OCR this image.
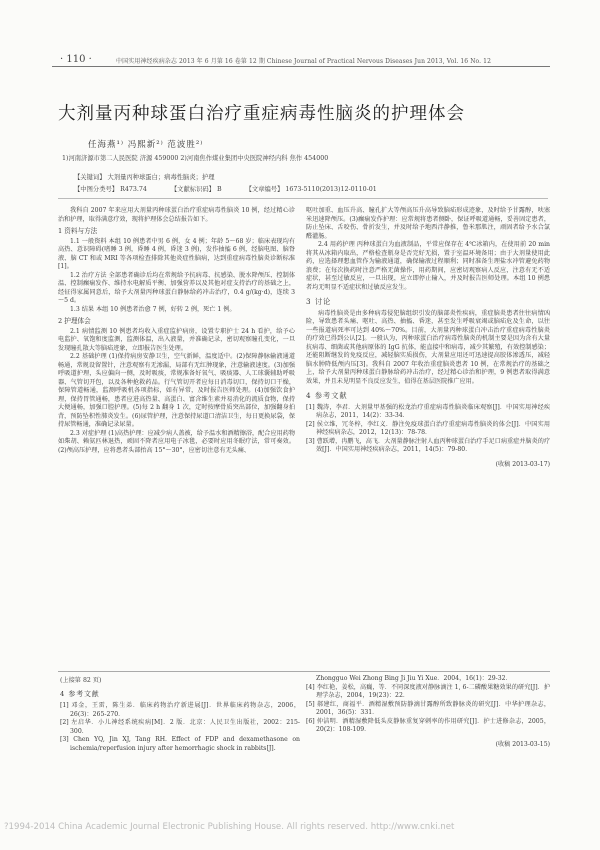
· 110 ·	中国实用神经疾病杂志 2013 年 6 月第 16 卷第 12 期 Chinese Journal of Practical Nervous Diseases Jun 2013, Vol. 16 No. 12
大剂量丙种球蛋白治疗重症病毒性脑炎的护理体会
任海燕¹⁾ 冯熙新²⁾ 范波胜²⁾
1)河南济源市第二人民医院 济源 459000 2)河南焦作煤业集团中央医院神经内科 焦作 454000
【关键词】 大剂量丙种球蛋白；病毒性脑炎；护理
【中图分类号】 R473.74	【文献标识码】 B	【文章编号】 1673-5110(2013)12-0110-01

我科自 2007 年来应用大剂量丙种球蛋白治疗重症病毒性脑炎 10 例，经过精心诊治和护理，取得满意疗效，现将护理体会总结报告如下。

1 资料与方法

1.1 一般资料 本组 10 例患者中男 6 例，女 4 例；年龄 5～68 岁；临床表现均有高热、意识障碍(嗜睡 3 例，昏睡 4 例，昏迷 3 例)，发作抽搐 6 例，经脑电图、脑脊液、脑 CT 和或 MRI 等各项检查排除其他炎症性脑病，达到重症病毒性脑炎诊断标准[1]。

1.2 治疗方法 全部患者确诊后均在常规给予抗病毒、抗感染、脱水降颅压、控制体温、控制癫痫发作、维持水电解质平衡、加强营养以及其他对症支持治疗的基础之上，经征得家属同意后，给予大剂量丙种球蛋白静脉给药冲击治疗，0.4 g/(kg·d)，连续 3～5 d。

1.3 结果 本组 10 例患者治愈 7 例，好转 2 例，死亡 1 例。

2 护理体会

2.1 病情监测 10 例患者均收入重症监护病房，设置专职护士 24 h 看护，给予心电监护、氧饱和度监测，监测体温，出入液量，并准确记录，密切观察瞳孔变化，一旦发现瞳孔散大等脑疝迹象，立即报告医生处理。

2.2 基础护理 (1)保持病房安静卫生，空气新鲜，温度适中。(2)保障静脉输液通道畅通，常规设留置针，注意观察有无渗漏，局部有无红肿现象，注意输液速度。(3)加强呼吸道护理，头应偏向一侧，及时吸痰，常规准备好氧气、吸痰器、人工球囊辅助呼吸器、气管切开包，以及各种抢救药品。行气管切开者应每日消毒切口，保持切口干燥，保障管道畅通，监测呼吸机各项指标，如有异常，及时报告医师处理。(4)加强饮食护理，保持胃管通畅，患者应进高热量、高蛋白、富含维生素并易消化的流质食物，保持大便通畅，加强口腔护理。(5)每 2 h 翻身 1 次，定时按摩骨质突出部位，加强翻身拍背，预防坠积性肺炎发生。(6)尿管护理，注意保持尿道口清洁卫生，每日更换尿袋，保持尿管畅通，准确记录尿量。

2.3 对症护理 (1)高热护理：应减少病人盖被，给予温水和酒精擦浴，配合应用药物如柴胡、赖氨匹林退热，顽固不降者应用电子冰毯，必要时应用冬眠疗法，常可奏效。(2)颅高压护理，应将患者头部抬高 15°～30°，应密切注意有无头痛、

呕吐加重、血压升高、瞳孔扩大等颅高压升高导致脑疝形成迹象，及时给予甘露醇，呋塞米迅速降颅压。(3)癫痫发作护理：应常规将患者侧卧，保证呼吸道通畅，妥善固定患者，防止坠床、舌咬伤、骨折发生，并及时给予地西泮静推，鲁米那肌注，顽固者给予水合氯醛灌肠。

2.4 用药护理 丙种球蛋白为血液制品，平常应保存在 4℃冰箱内，在使用前 20 min 将其从冰箱内取出，严格检查瓶身是否完好无损，置于室温环境备用；由于大剂量使用此药，应选择理想血管作为输液通道，确保输液过程顺利；同时准备生理盐水冲管避免药物浪费；在每次换药时注意严格无菌操作，用药期间，应密切观察病人反应，注意有无不适症状，甚至过敏反应，一旦出现，应立即停止输入，并及时报告医师处理。本组 10 例患者均无明显不适症状和过敏反应发生。

3 讨论

病毒性脑炎是由多种病毒侵犯脑组织引发的脑部炎性疾病，重症脑炎患者往往病情凶险，导致患者头痛、呕吐、高热、抽搐、昏迷，甚至发生呼吸衰竭或脑疝危及生命，以往一些报道病死率可达到 40%～70%。目前，大剂量丙种球蛋白冲击治疗重症病毒性脑炎的疗效已得到公认[2]。一般认为，丙种球蛋白治疗病毒性脑炎的机制主要是因为含有大量抗病毒、细菌或其他病原体的 IgG 抗体，能直接中和病毒，减少其繁殖，有效控制感染；还能阻断继发的免疫反应，减轻脑实质损伤，大剂量应用还可迅速提高胶体渗透压，减轻脑水肿降低颅内压[3]。我科自 2007 年收治重症脑炎患者 10 例，在常规治疗的基础之上，给予大剂量丙种球蛋白静脉给药冲击治疗，经过精心诊治和护理，9 例患者取得满意效果，并且未见明显不良反应发生，值得在基层医院推广应用。

4 参考文献

[1] 魏涛，李君．大剂量甲基强的松龙治疗重症病毒性脑炎临床观察[J]．中国实用神经疾病杂志，2011，14(2)：33-34．

[2] 侯立维，冗冬梓，李红义．静注免疫球蛋白治疗重症病毒性脑炎的体会[J]．中国实用神经疾病杂志，2012，12(13)：78-78．

[3] 曹跃增，冉鹏飞，高飞．大剂量静脉注射人血丙种球蛋白治疗手足口病重症并脑炎的疗效[J]．中国实用神经疾病杂志，2011，14(5)：79-80．

(收稿 2013-03-17)

(上接第 82 页)
4 参考文献

[1] 邓金，王雷，陈生弟．临床药物治疗新进展[J]．世界临床药物杂志，2006，26(3)：265-270．

[2] 左启华．小儿神经系统疾病[M]．2 版．北京：人民卫生出版社，2002：215-300．

[3] Chen YQ, Jin XJ, Tang RH. Effect of FDP and dexamethasone on ischemia/reperfusion injury after hemorrhagic shock in rabbits[J].

Zhongguo Wei Zhong Bing Ji Jiu Yi Xue．2004，16(1)：29-32．

[4] 李红艳，姜松，高巍，等．不同深度液对静脉滴注 1, 6-二磷酸果糖效果的研究[J]．护理学杂志，2004，19(23)：22．

[5] 郝建红，商福平．酒精湿敷预防静滴甘露醇所致静脉炎的研究[J]．中华护理杂志，2001，36(5)：331．

[6] 仲洁明．酒精湿敷降低头皮静脉重复穿刺率的作用研究[J]．护士进修杂志，2005，20(2)：108-109．

(收稿 2013-03-15)

?1994-2014 China Academic Journal Electronic Publishing House. All rights reserved. http://www.cnki.net
